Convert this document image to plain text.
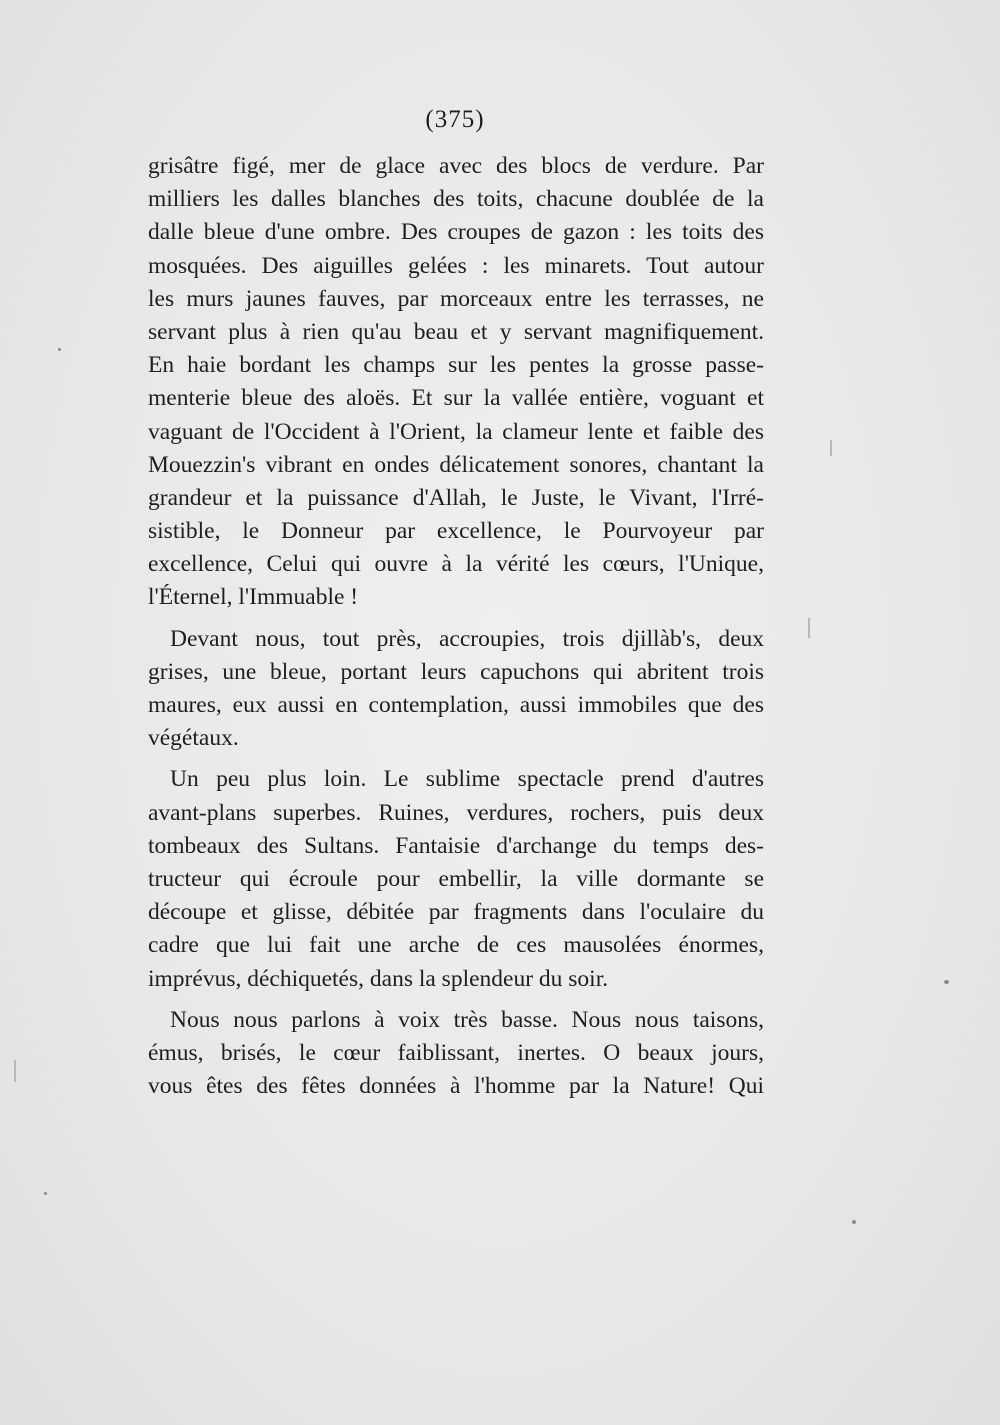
(375)
grisâtre figé, mer de glace avec des blocs de verdure. Par
milliers les dalles blanches des toits, chacune doublée de la
dalle bleue d'une ombre. Des croupes de gazon : les toits des
mosquées. Des aiguilles gelées : les minarets. Tout autour
les murs jaunes fauves, par morceaux entre les terrasses, ne
servant plus à rien qu'au beau et y servant magnifiquement.
En haie bordant les champs sur les pentes la grosse passe-
menterie bleue des aloës. Et sur la vallée entière, voguant et
vaguant de l'Occident à l'Orient, la clameur lente et faible des
Mouezzin's vibrant en ondes délicatement sonores, chantant la
grandeur et la puissance d'Allah, le Juste, le Vivant, l'Irré-
sistible, le Donneur par excellence, le Pourvoyeur par
excellence, Celui qui ouvre à la vérité les cœurs, l'Unique,
l'Éternel, l'Immuable !
Devant nous, tout près, accroupies, trois djillàb's, deux
grises, une bleue, portant leurs capuchons qui abritent trois
maures, eux aussi en contemplation, aussi immobiles que des
végétaux.
Un peu plus loin. Le sublime spectacle prend d'autres
avant-plans superbes. Ruines, verdures, rochers, puis deux
tombeaux des Sultans. Fantaisie d'archange du temps des-
tructeur qui écroule pour embellir, la ville dormante se
découpe et glisse, débitée par fragments dans l'oculaire du
cadre que lui fait une arche de ces mausolées énormes,
imprévus, déchiquetés, dans la splendeur du soir.
Nous nous parlons à voix très basse. Nous nous taisons,
émus, brisés, le cœur faiblissant, inertes. O beaux jours,
vous êtes des fêtes données à l'homme par la Nature! Qui
